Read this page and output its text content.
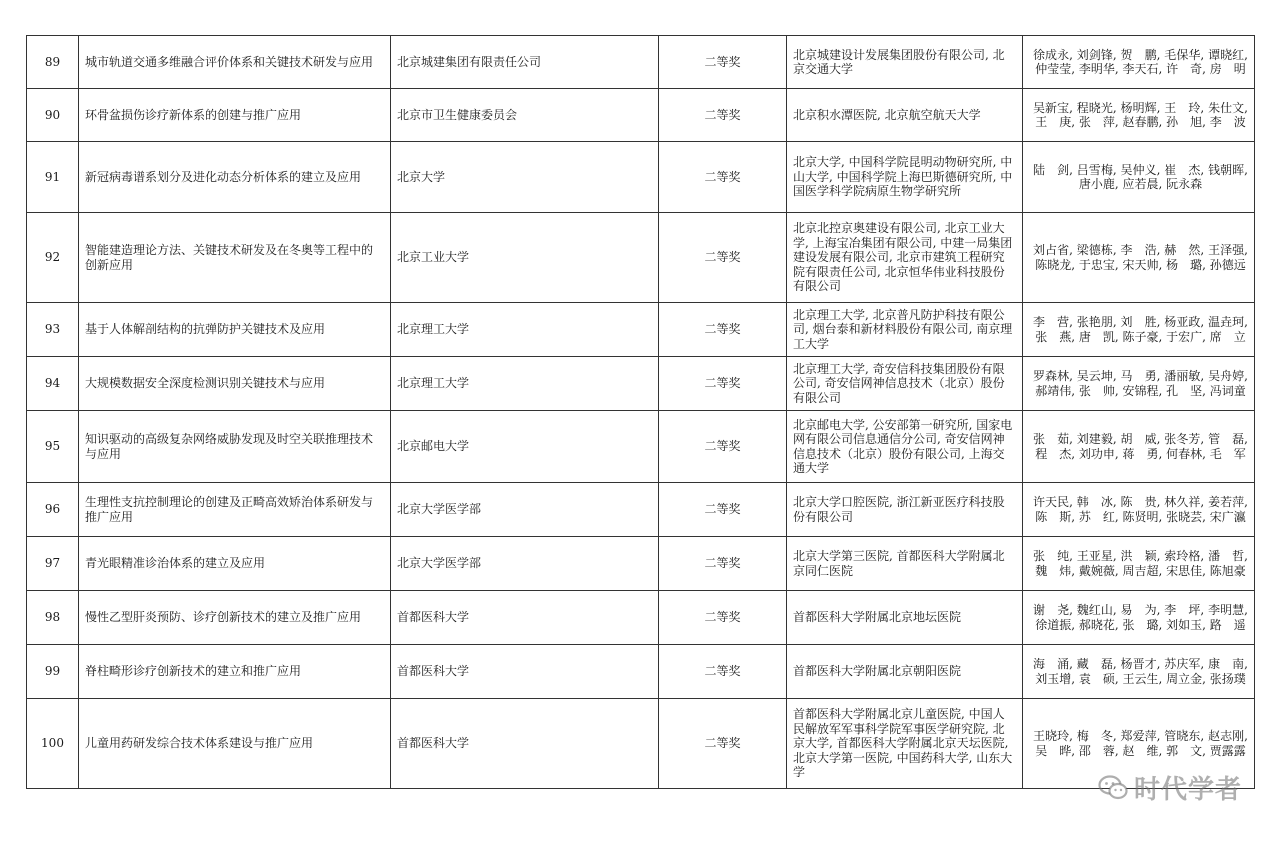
89	城市轨道交通多维融合评价体系和关键技术研发与应用	北京城建集团有限责任公司	二等奖	北京城建设计发展集团股份有限公司, 北京交通大学	徐成永, 刘剑锋, 贺　鹏, 毛保华, 谭晓红, 仲莹莹, 李明华, 李天石, 许　奇, 房　明
90	环骨盆损伤诊疗新体系的创建与推广应用	北京市卫生健康委员会	二等奖	北京积水潭医院, 北京航空航天大学	吴新宝, 程晓光, 杨明辉, 王　玲, 朱仕文, 王　庚, 张　萍, 赵春鹏, 孙　旭, 李　波
91	新冠病毒谱系划分及进化动态分析体系的建立及应用	北京大学	二等奖	北京大学, 中国科学院昆明动物研究所, 中山大学, 中国科学院上海巴斯德研究所, 中国医学科学院病原生物学研究所	陆　剑, 吕雪梅, 吴仲义, 崔　杰, 钱朝晖, 唐小鹿, 应若晨, 阮永森
92	智能建造理论方法、关键技术研发及在冬奥等工程中的创新应用	北京工业大学	二等奖	北京北控京奥建设有限公司, 北京工业大学, 上海宝冶集团有限公司, 中建一局集团建设发展有限公司, 北京市建筑工程研究院有限责任公司, 北京恒华伟业科技股份有限公司	刘占省, 梁德栋, 李　浩, 赫　然, 王泽强, 陈晓龙, 于忠宝, 宋天帅, 杨　璐, 孙德远
93	基于人体解剖结构的抗弹防护关键技术及应用	北京理工大学	二等奖	北京理工大学, 北京普凡防护科技有限公司, 烟台泰和新材料股份有限公司, 南京理工大学	李　营, 张艳朋, 刘　胜, 杨亚政, 温垚珂, 张　燕, 唐　凯, 陈子豪, 于宏广, 席　立
94	大规模数据安全深度检测识别关键技术与应用	北京理工大学	二等奖	北京理工大学, 奇安信科技集团股份有限公司, 奇安信网神信息技术（北京）股份有限公司	罗森林, 吴云坤, 马　勇, 潘丽敏, 吴舟婷, 郝靖伟, 张　帅, 安锦程, 孔　坚, 冯词童
95	知识驱动的高级复杂网络威胁发现及时空关联推理技术与应用	北京邮电大学	二等奖	北京邮电大学, 公安部第一研究所, 国家电网有限公司信息通信分公司, 奇安信网神信息技术（北京）股份有限公司, 上海交通大学	张　茹, 刘建毅, 胡　威, 张冬芳, 管　磊, 程　杰, 刘功申, 蒋　勇, 何春林, 毛　军
96	生理性支抗控制理论的创建及正畸高效矫治体系研发与推广应用	北京大学医学部	二等奖	北京大学口腔医院, 浙江新亚医疗科技股份有限公司	许天民, 韩　冰, 陈　贵, 林久祥, 姜若萍, 陈　斯, 苏　红, 陈贤明, 张晓芸, 宋广瀛
97	青光眼精准诊治体系的建立及应用	北京大学医学部	二等奖	北京大学第三医院, 首都医科大学附属北京同仁医院	张　纯, 王亚星, 洪　颖, 索玲格, 潘　哲, 魏　炜, 戴婉薇, 周吉超, 宋思佳, 陈旭豪
98	慢性乙型肝炎预防、诊疗创新技术的建立及推广应用	首都医科大学	二等奖	首都医科大学附属北京地坛医院	谢　尧, 魏红山, 易　为, 李　坪, 李明慧, 徐道振, 郝晓花, 张　璐, 刘如玉, 路　遥
99	脊柱畸形诊疗创新技术的建立和推广应用	首都医科大学	二等奖	首都医科大学附属北京朝阳医院	海　涌, 藏　磊, 杨晋才, 苏庆军, 康　南, 刘玉增, 袁　硕, 王云生, 周立金, 张扬璞
100	儿童用药研发综合技术体系建设与推广应用	首都医科大学	二等奖	首都医科大学附属北京儿童医院, 中国人民解放军军事科学院军事医学研究院, 北京大学, 首都医科大学附属北京天坛医院, 北京大学第一医院, 中国药科大学, 山东大学	王晓玲, 梅　冬, 郑爱萍, 管晓东, 赵志刚, 吴　晔, 邵　蓉, 赵　维, 郭　文, 贾露露
时代学者
